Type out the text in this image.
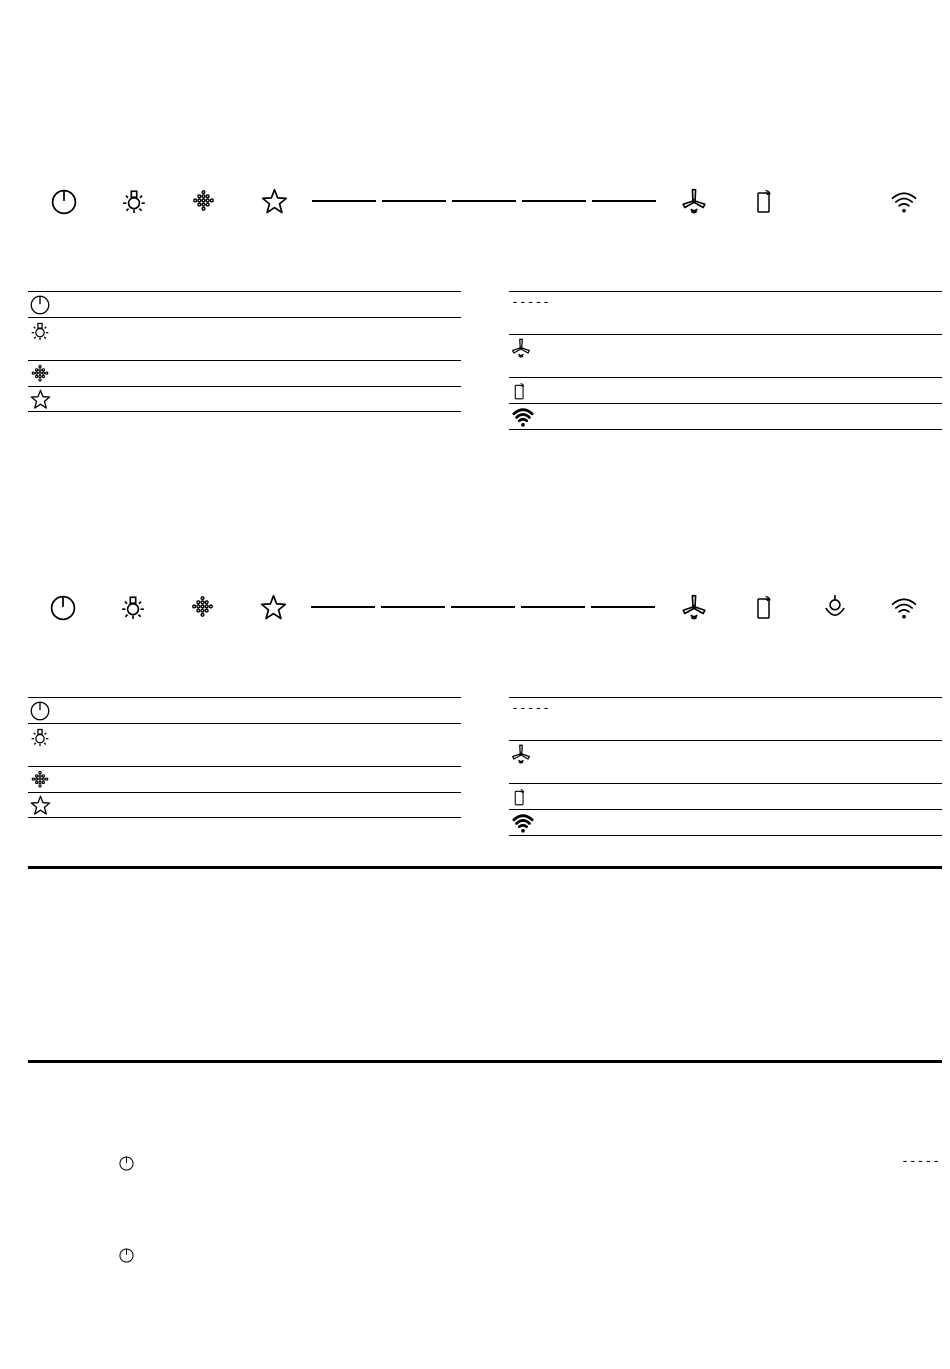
-----
-----
-----
